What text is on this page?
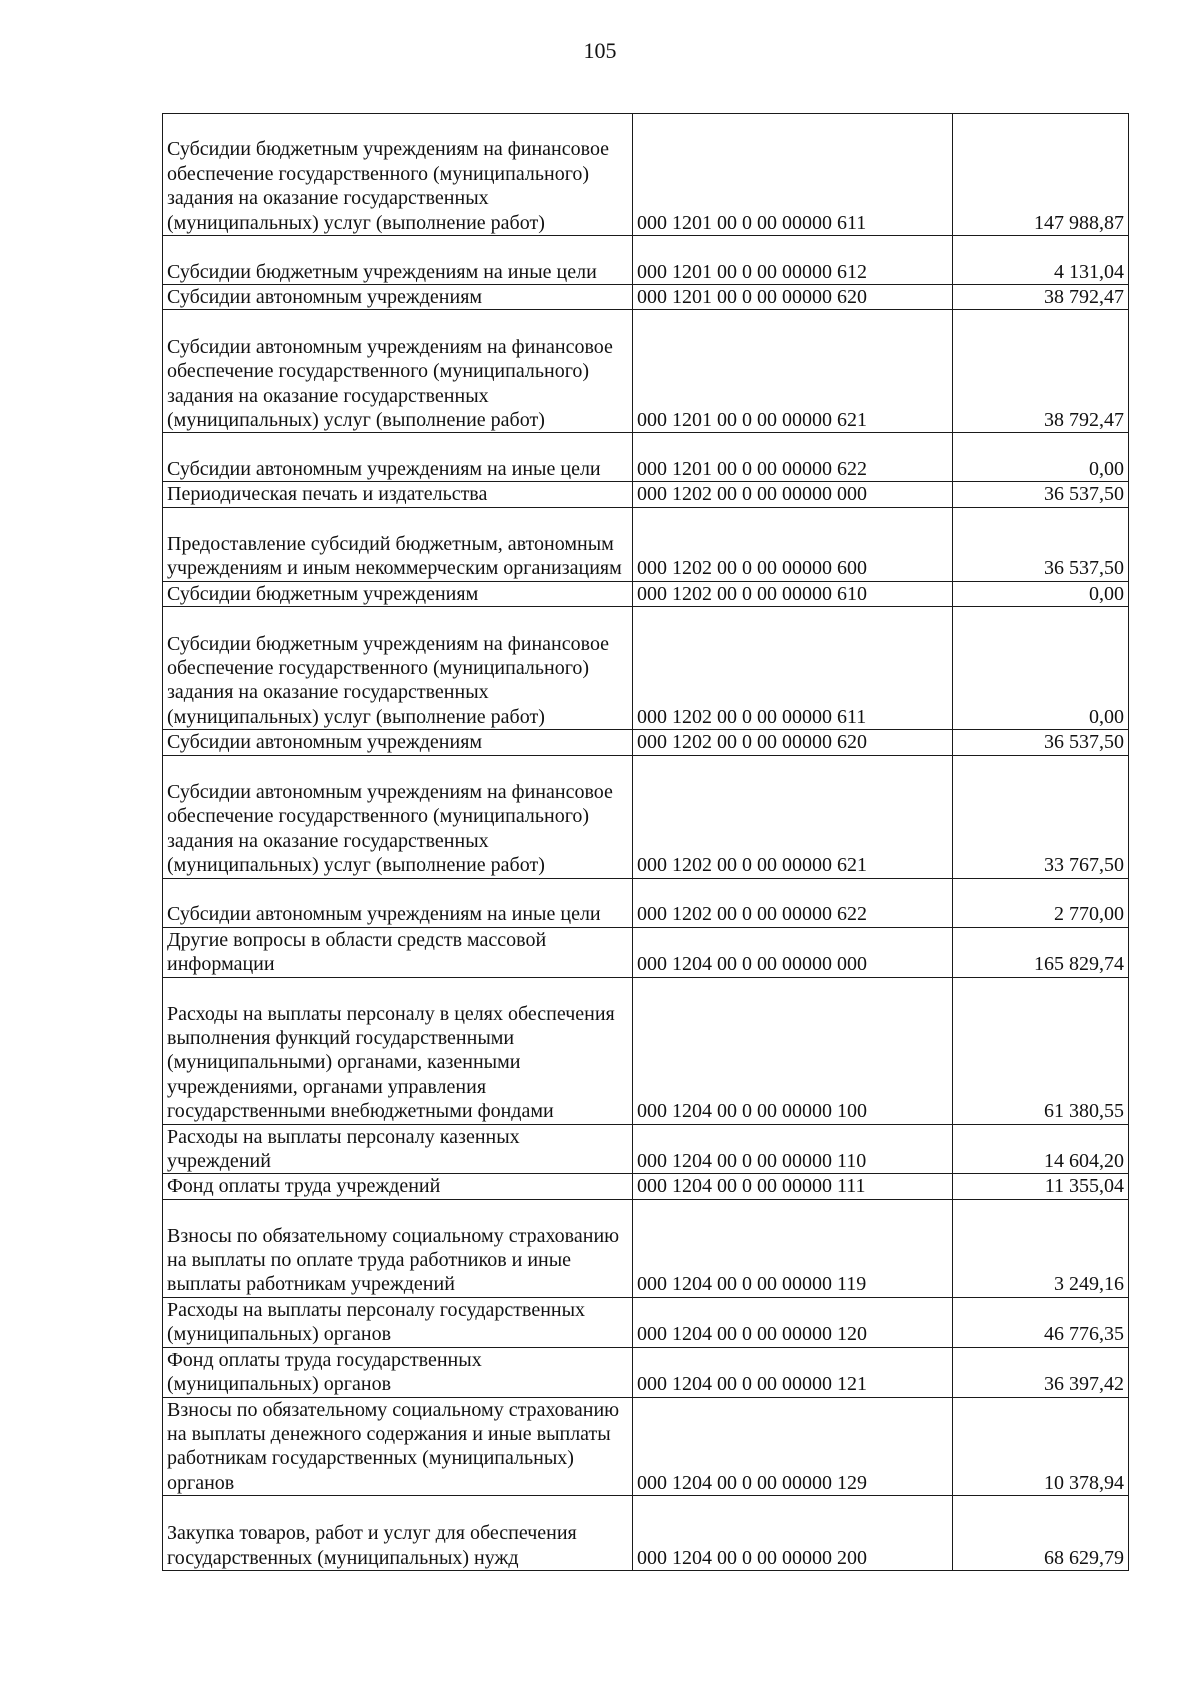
105
Субсидии бюджетным учреждениям на финансовое обеспечение государственного (муниципального) задания на оказание государственных (муниципальных) услуг (выполнение работ)	000 1201 00 0 00 00000 611	147 988,87
Субсидии бюджетным учреждениям на иные цели	000 1201 00 0 00 00000 612	4 131,04
Субсидии автономным учреждениям	000 1201 00 0 00 00000 620	38 792,47
Субсидии автономным учреждениям на финансовое обеспечение государственного (муниципального) задания на оказание государственных (муниципальных) услуг (выполнение работ)	000 1201 00 0 00 00000 621	38 792,47
Субсидии автономным учреждениям на иные цели	000 1201 00 0 00 00000 622	0,00
Периодическая печать и издательства	000 1202 00 0 00 00000 000	36 537,50
Предоставление субсидий бюджетным, автономным учреждениям и иным некоммерческим организациям	000 1202 00 0 00 00000 600	36 537,50
Субсидии бюджетным учреждениям	000 1202 00 0 00 00000 610	0,00
Субсидии бюджетным учреждениям на финансовое обеспечение государственного (муниципального) задания на оказание государственных (муниципальных) услуг (выполнение работ)	000 1202 00 0 00 00000 611	0,00
Субсидии автономным учреждениям	000 1202 00 0 00 00000 620	36 537,50
Субсидии автономным учреждениям на финансовое обеспечение государственного (муниципального) задания на оказание государственных (муниципальных) услуг (выполнение работ)	000 1202 00 0 00 00000 621	33 767,50
Субсидии автономным учреждениям на иные цели	000 1202 00 0 00 00000 622	2 770,00
Другие вопросы в области средств массовой информации	000 1204 00 0 00 00000 000	165 829,74
Расходы на выплаты персоналу в целях обеспечения выполнения функций государственными (муниципальными) органами, казенными учреждениями, органами управления государственными внебюджетными фондами	000 1204 00 0 00 00000 100	61 380,55
Расходы на выплаты персоналу казенных учреждений	000 1204 00 0 00 00000 110	14 604,20
Фонд оплаты труда учреждений	000 1204 00 0 00 00000 111	11 355,04
Взносы по обязательному социальному страхованию на выплаты по оплате труда работников и иные выплаты работникам учреждений	000 1204 00 0 00 00000 119	3 249,16
Расходы на выплаты персоналу государственных (муниципальных) органов	000 1204 00 0 00 00000 120	46 776,35
Фонд оплаты труда государственных (муниципальных) органов	000 1204 00 0 00 00000 121	36 397,42
Взносы по обязательному социальному страхованию на выплаты денежного содержания и иные выплаты работникам государственных (муниципальных) органов	000 1204 00 0 00 00000 129	10 378,94
Закупка товаров, работ и услуг для обеспечения государственных (муниципальных) нужд	000 1204 00 0 00 00000 200	68 629,79
